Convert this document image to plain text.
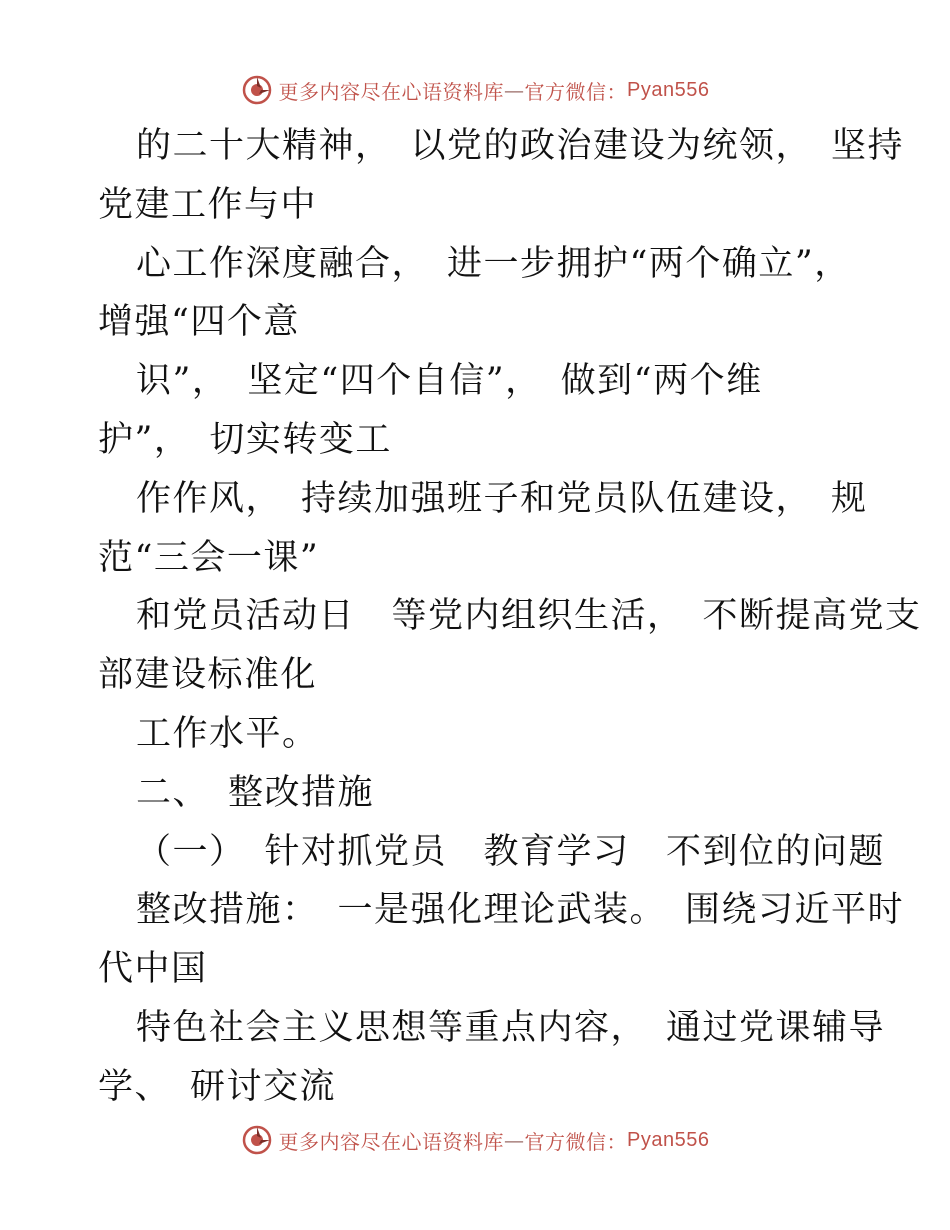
更多内容尽在心语资料库 — 官方微信： Pyan556
的二十大精神，　以党的政治建设为统领，　坚持
党建工作与中
心工作深度融合，　进一步拥护“两个确立”，
增强“四个意
识”，　坚定“四个自信”，　做到“两个维
护”，　切实转变工
作作风，　持续加强班子和党员队伍建设，　规
范“三会一课”
和党员活动日　等党内组织生活，　不断提高党支
部建设标准化
工作水平。
二、　整改措施
（一）　针对抓党员　教育学习　不到位的问题
整改措施：　一是强化理论武装。　围绕习近平时
代中国
特色社会主义思想等重点内容，　通过党课辅导
学、　研讨交流
更多内容尽在心语资料库 — 官方微信： Pyan556
